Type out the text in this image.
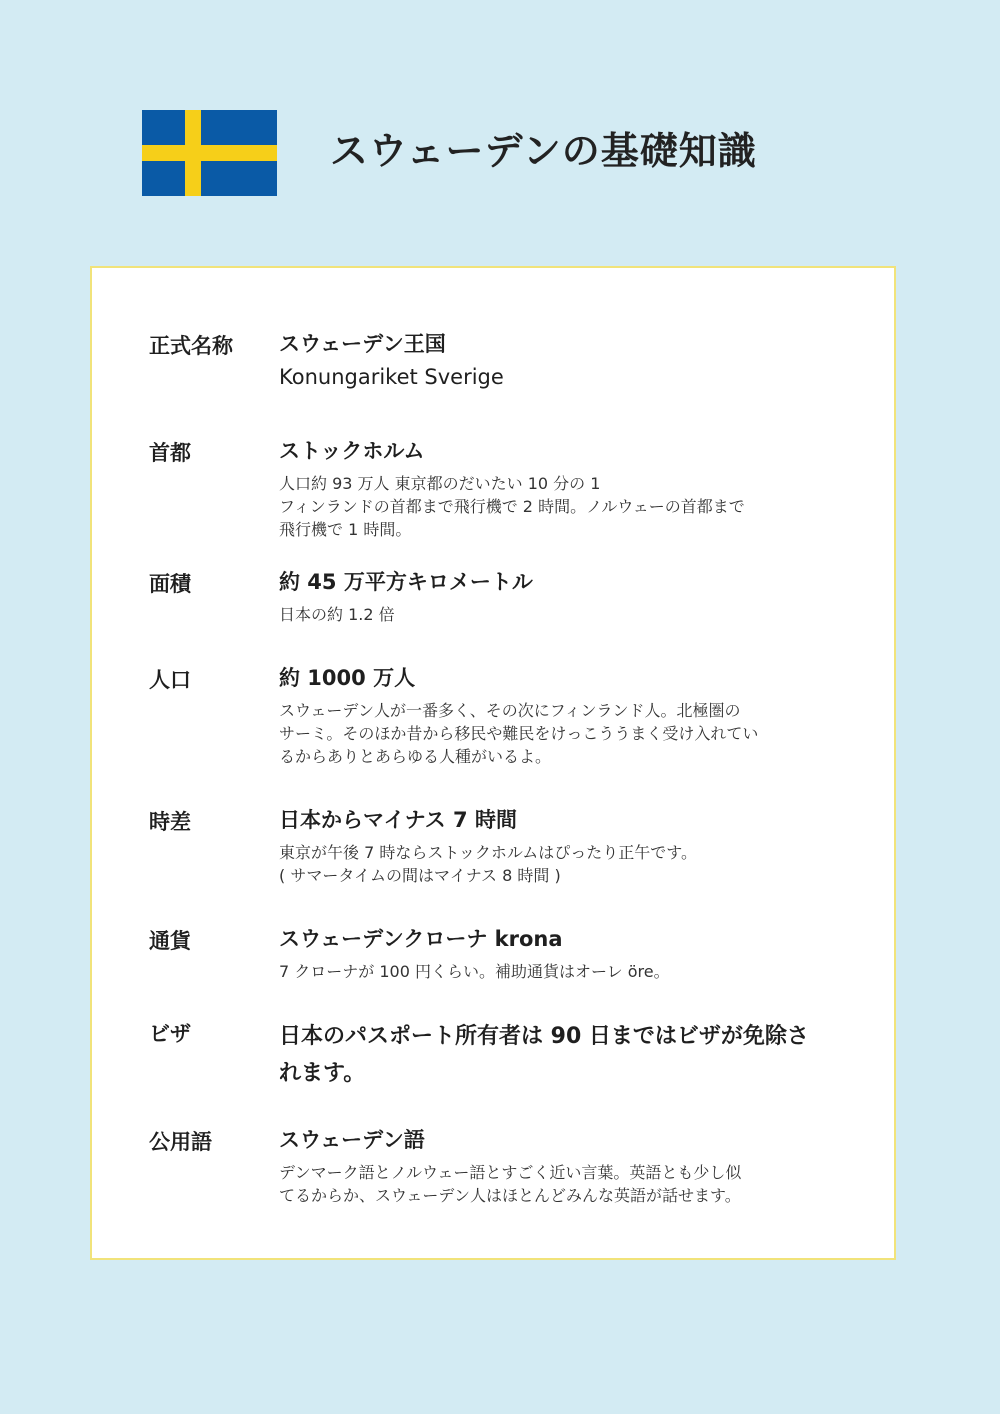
スウェーデンの基礎知識
正式名称 スウェーデン王国
Konungariket Sverige
首都	ストックホルム
人口約 93 万人 東京都のだいたい 10 分の 1
フィンランドの首都まで飛行機で 2 時間。ノルウェーの首都まで
飛行機で 1 時間。
面積	約 45 万平方キロメートル
日本の約 1.2 倍
人口	約 1000 万人
スウェーデン人が一番多く、その次にフィンランド人。北極圏の
サーミ。そのほか昔から移民や難民をけっこううまく受け入れてい
るからありとあらゆる人種がいるよ。
時差	日本からマイナス 7 時間
東京が午後 7 時ならストックホルムはぴったり正午です。
( サマータイムの間はマイナス 8 時間 )
通貨	スウェーデンクローナ krona
7 クローナが 100 円くらい。補助通貨はオーレ öre。
ビザ	日本のパスポート所有者は 90 日まではビザが免除さ
れます。
公用語	スウェーデン語
デンマーク語とノルウェー語とすごく近い言葉。英語とも少し似
てるからか、スウェーデン人はほとんどみんな英語が話せます。
